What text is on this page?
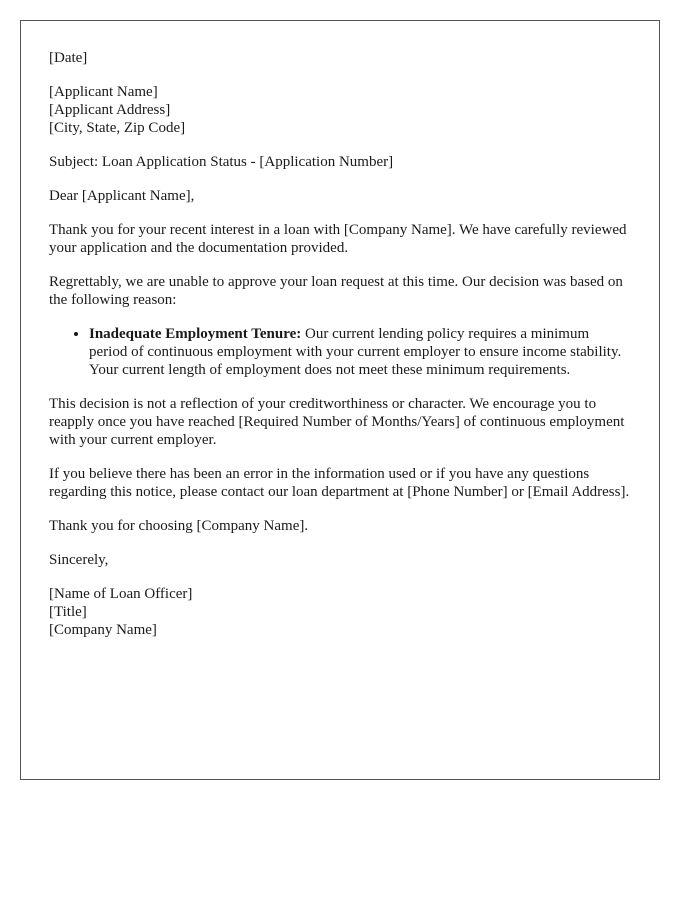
[Date]
[Applicant Name]
[Applicant Address]
[City, State, Zip Code]
Subject: Loan Application Status - [Application Number]
Dear [Applicant Name],
Thank you for your recent interest in a loan with [Company Name]. We have carefully reviewed your application and the documentation provided.
Regrettably, we are unable to approve your loan request at this time. Our decision was based on the following reason:
• Inadequate Employment Tenure: Our current lending policy requires a minimum period of continuous employment with your current employer to ensure income stability. Your current length of employment does not meet these minimum requirements.
This decision is not a reflection of your creditworthiness or character. We encourage you to reapply once you have reached [Required Number of Months/Years] of continuous employment with your current employer.
If you believe there has been an error in the information used or if you have any questions regarding this notice, please contact our loan department at [Phone Number] or [Email Address].
Thank you for choosing [Company Name].
Sincerely,
[Name of Loan Officer]
[Title]
[Company Name]
